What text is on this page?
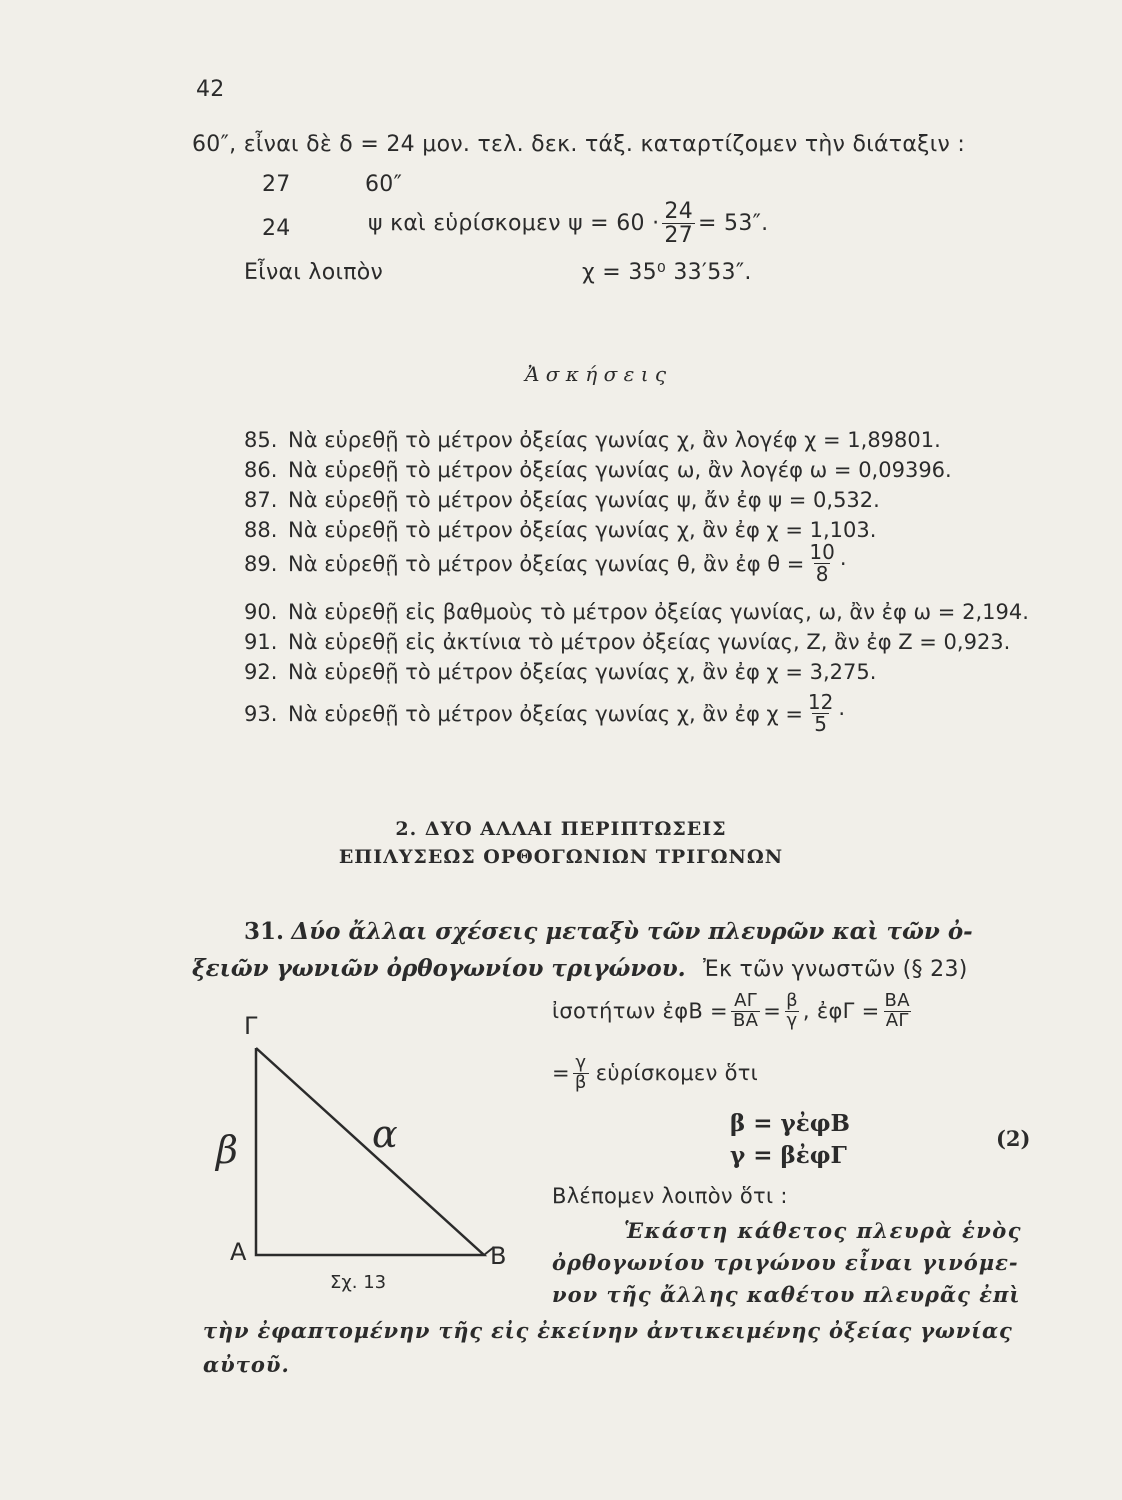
42
60″, εἶναι δὲ δ = 24 μον. τελ. δεκ. τάξ. καταρτίζομεν τὴν διάταξιν :
27	60″
24	ψ καὶ εὑρίσκομεν $\psi = 60 \cdot \frac{24}{27} = 53''$.
Εἶναι λοιπὸν	χ = 35⁰ 33′53″.
Ἀ σ κ ή σ ε ι ς
85. Νὰ εὑρεθῇ τὸ μέτρον ὀξείας γωνίας χ, ἂν λογέφ χ = 1,89801.
86. Νὰ εὑρεθῇ τὸ μέτρον ὀξείας γωνίας ω, ἂν λογέφ ω = 0,09396.
87. Νὰ εὑρεθῇ τὸ μέτρον ὀξείας γωνίας ψ, ἄν ἐφ ψ = 0,532.
88. Νὰ εὑρεθῇ τὸ μέτρον ὀξείας γωνίας χ, ἂν ἐφ χ = 1,103.
89. Νὰ εὑρεθῇ τὸ μέτρον ὀξείας γωνίας θ, ἂν ἐφ $\theta = \frac{10}{8}$ ·
90. Νὰ εὑρεθῇ εἰς βαθμοὺς τὸ μέτρον ὀξείας γωνίας, ω, ἂν ἐφ ω = 2,194.
91. Νὰ εὑρεθῇ εἰς ἀκτίνια τὸ μέτρον ὀξείας γωνίας, Ζ, ἂν ἐφ Ζ = 0,923.
92. Νὰ εὑρεθῇ τὸ μέτρον ὀξείας γωνίας χ, ἂν ἐφ χ = 3,275.
93. Νὰ εὑρεθῇ τὸ μέτρον ὀξείας γωνίας χ, ἂν ἐφ $\chi = \frac{12}{5}$ ·
2. ΔΥΟ ΑΛΛΑΙ ΠΕΡΙΠΤΩΣΕΙΣ
ΕΠΙΛΥΣΕΩΣ ΟΡΘΟΓΩΝΙΩΝ ΤΡΙΓΩΝΩΝ
31. Δύο ἄλλαι σχέσεις μεταξὺ τῶν πλευρῶν καὶ τῶν ὀ-
ξειῶν γωνιῶν ὀρθογωνίου τριγώνου. Ἐκ τῶν γνωστῶν (§ 23)
ἰσοτήτων ἐφΒ = $\frac{A\Gamma}{BA} = \frac{\beta}{\gamma}$ , ἐφΓ = $\frac{BA}{A\Gamma}$
= $\frac{\gamma}{\beta}$ εὑρίσκομεν ὅτι
β = γἐφΒ
γ = βἐφΓ
(2)
Βλέπομεν λοιπὸν ὅτι :
Ἑκάστη κάθετος πλευρὰ ἑνὸς
ὀρθογωνίου τριγώνου εἶναι γινόμε-
νον τῆς ἄλλης καθέτου πλευρᾶς ἐπὶ
τὴν ἐφαπτομένην τῆς εἰς ἐκείνην ἀντικειμένης ὀξείας γωνίας
αὐτοῦ.
Γ
Α	Β
β	α
Σχ. 13
